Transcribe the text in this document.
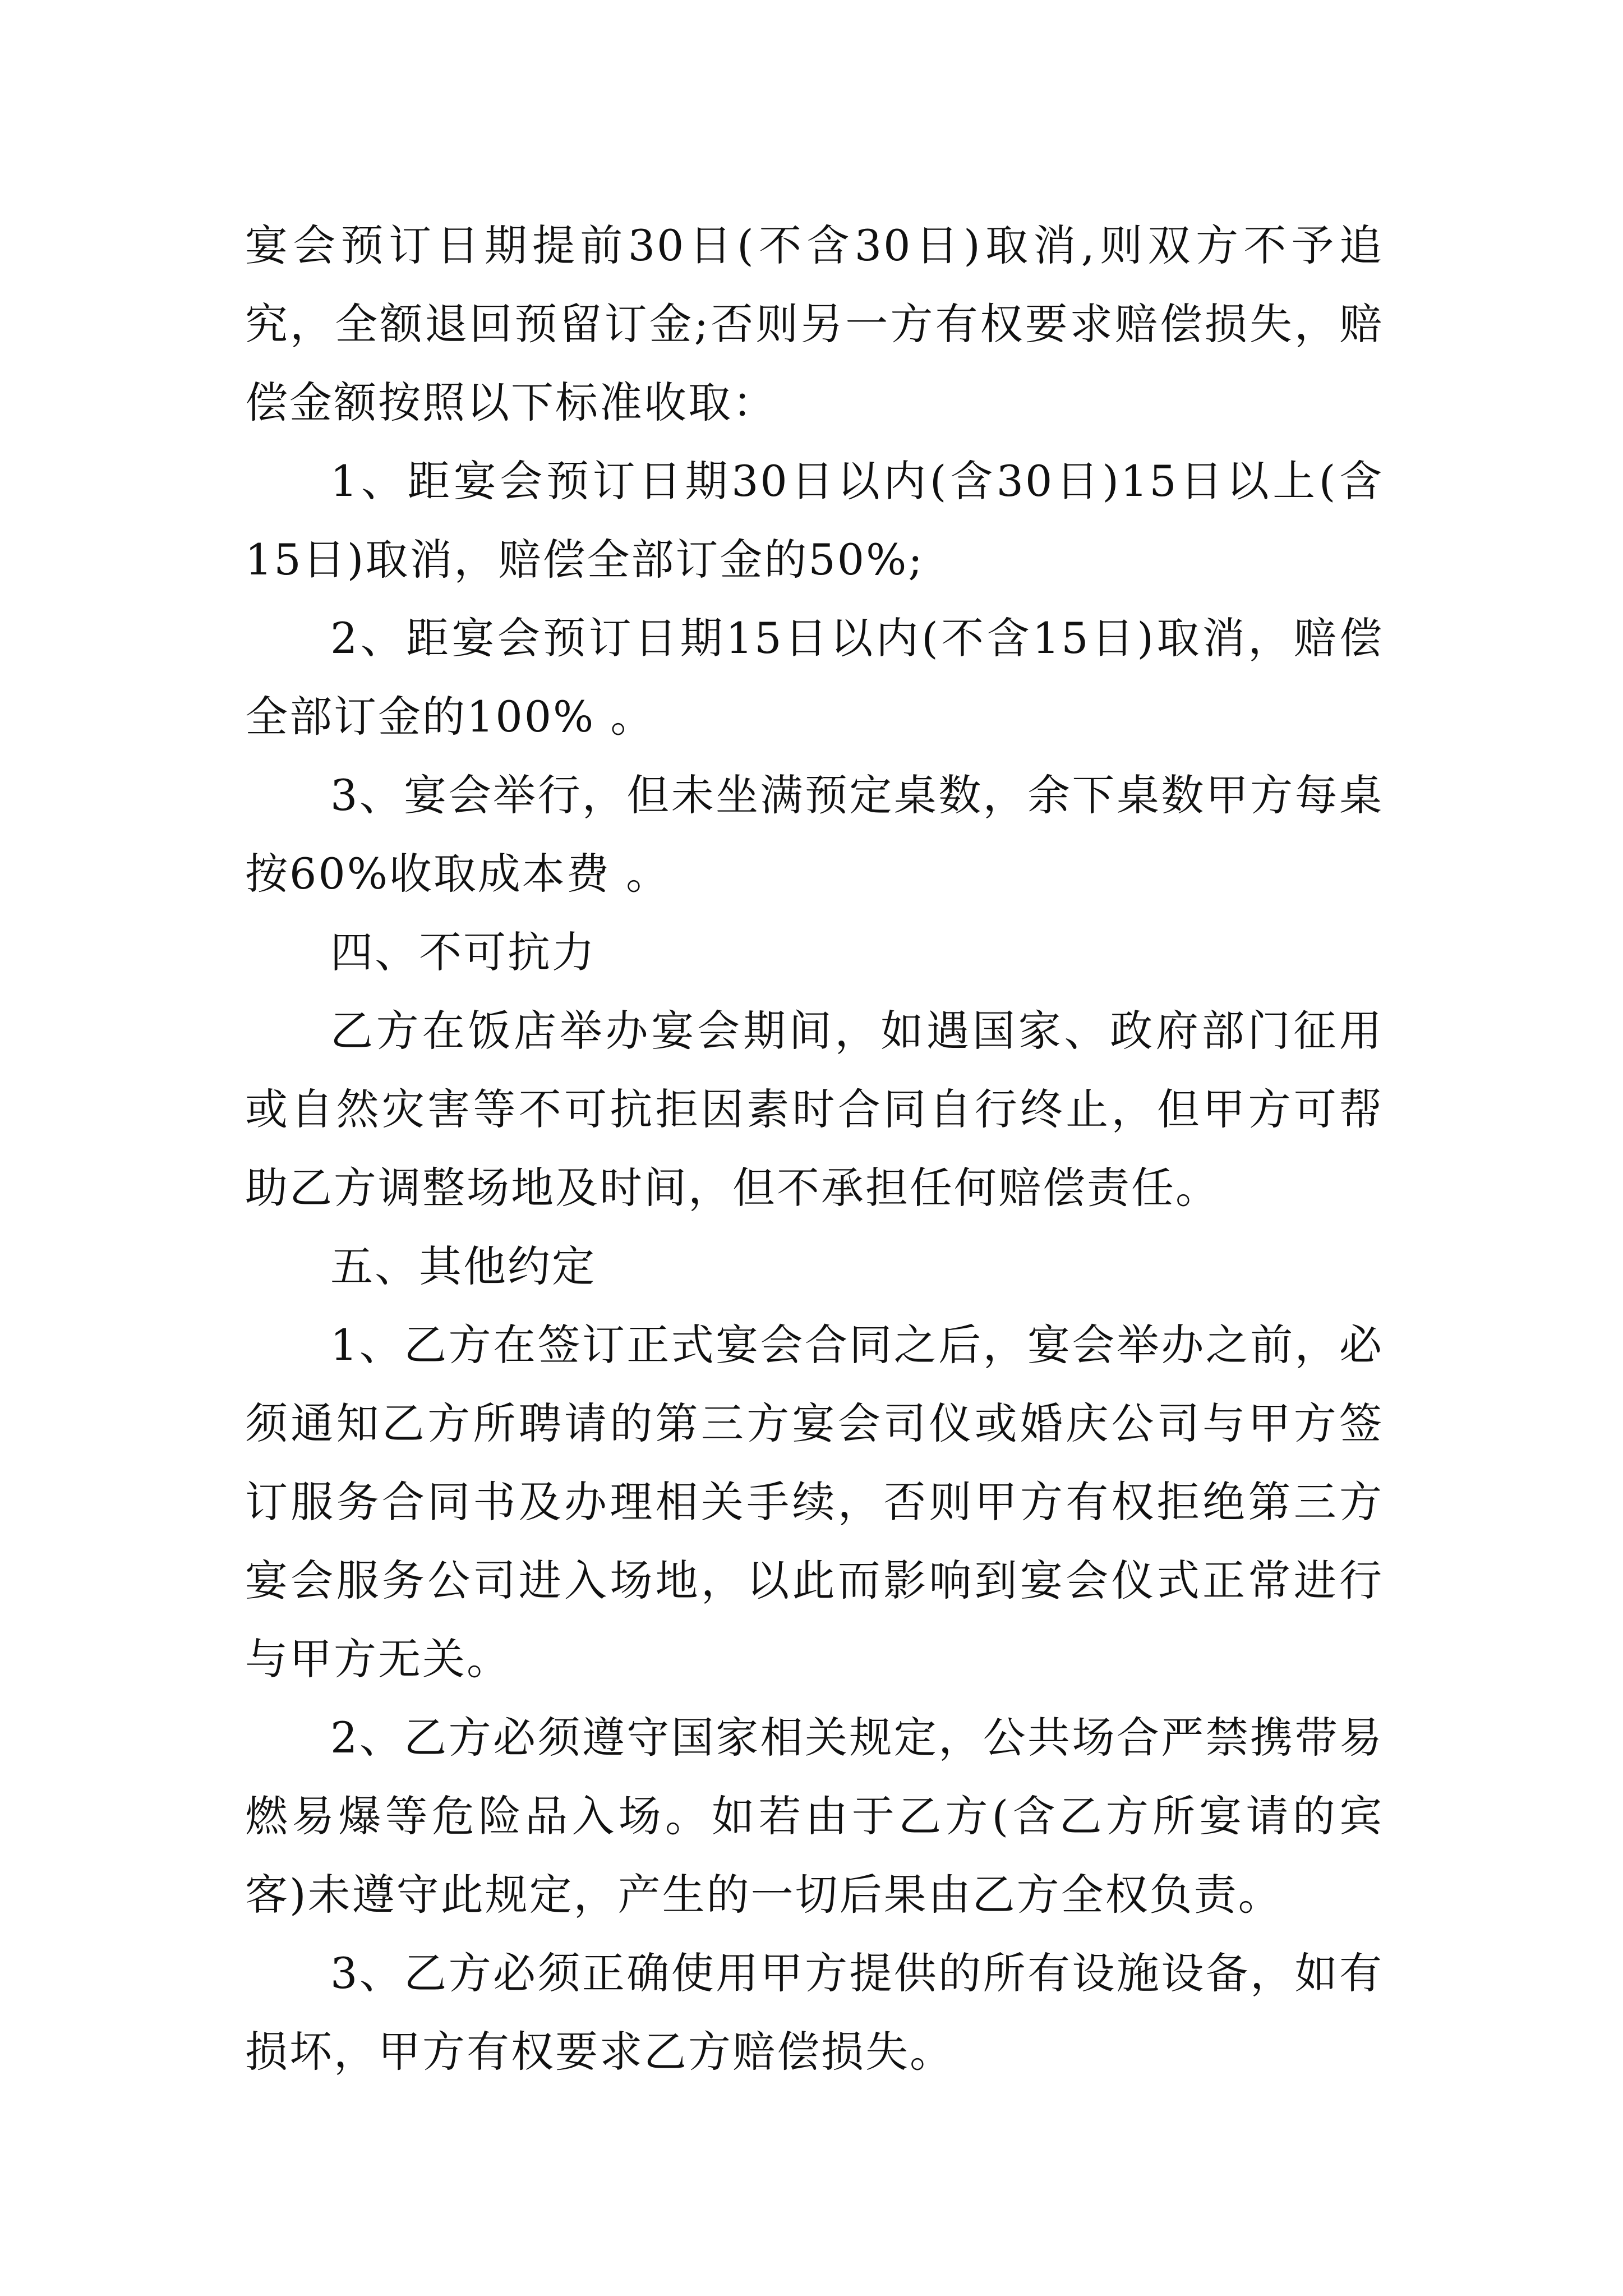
宴会预订日期提前30日(不含30日)取消,则双方不予追究，全额退回预留订金;否则另一方有权要求赔偿损失，赔偿金额按照以下标准收取：

1、距宴会预订日期30日以内(含30日)15日以上(含15日)取消，赔偿全部订金的50%;

2、距宴会预订日期15日以内(不含15日)取消，赔偿全部订金的100% 。

3、宴会举行，但未坐满预定桌数，余下桌数甲方每桌按60%收取成本费 。

四、不可抗力

乙方在饭店举办宴会期间，如遇国家、政府部门征用或自然灾害等不可抗拒因素时合同自行终止，但甲方可帮助乙方调整场地及时间，但不承担任何赔偿责任。

五、其他约定

1、乙方在签订正式宴会合同之后，宴会举办之前，必须通知乙方所聘请的第三方宴会司仪或婚庆公司与甲方签订服务合同书及办理相关手续，否则甲方有权拒绝第三方宴会服务公司进入场地，以此而影响到宴会仪式正常进行与甲方无关。

2、乙方必须遵守国家相关规定，公共场合严禁携带易燃易爆等危险品入场。如若由于乙方(含乙方所宴请的宾客)未遵守此规定，产生的一切后果由乙方全权负责。

3、乙方必须正确使用甲方提供的所有设施设备，如有损坏，甲方有权要求乙方赔偿损失。
